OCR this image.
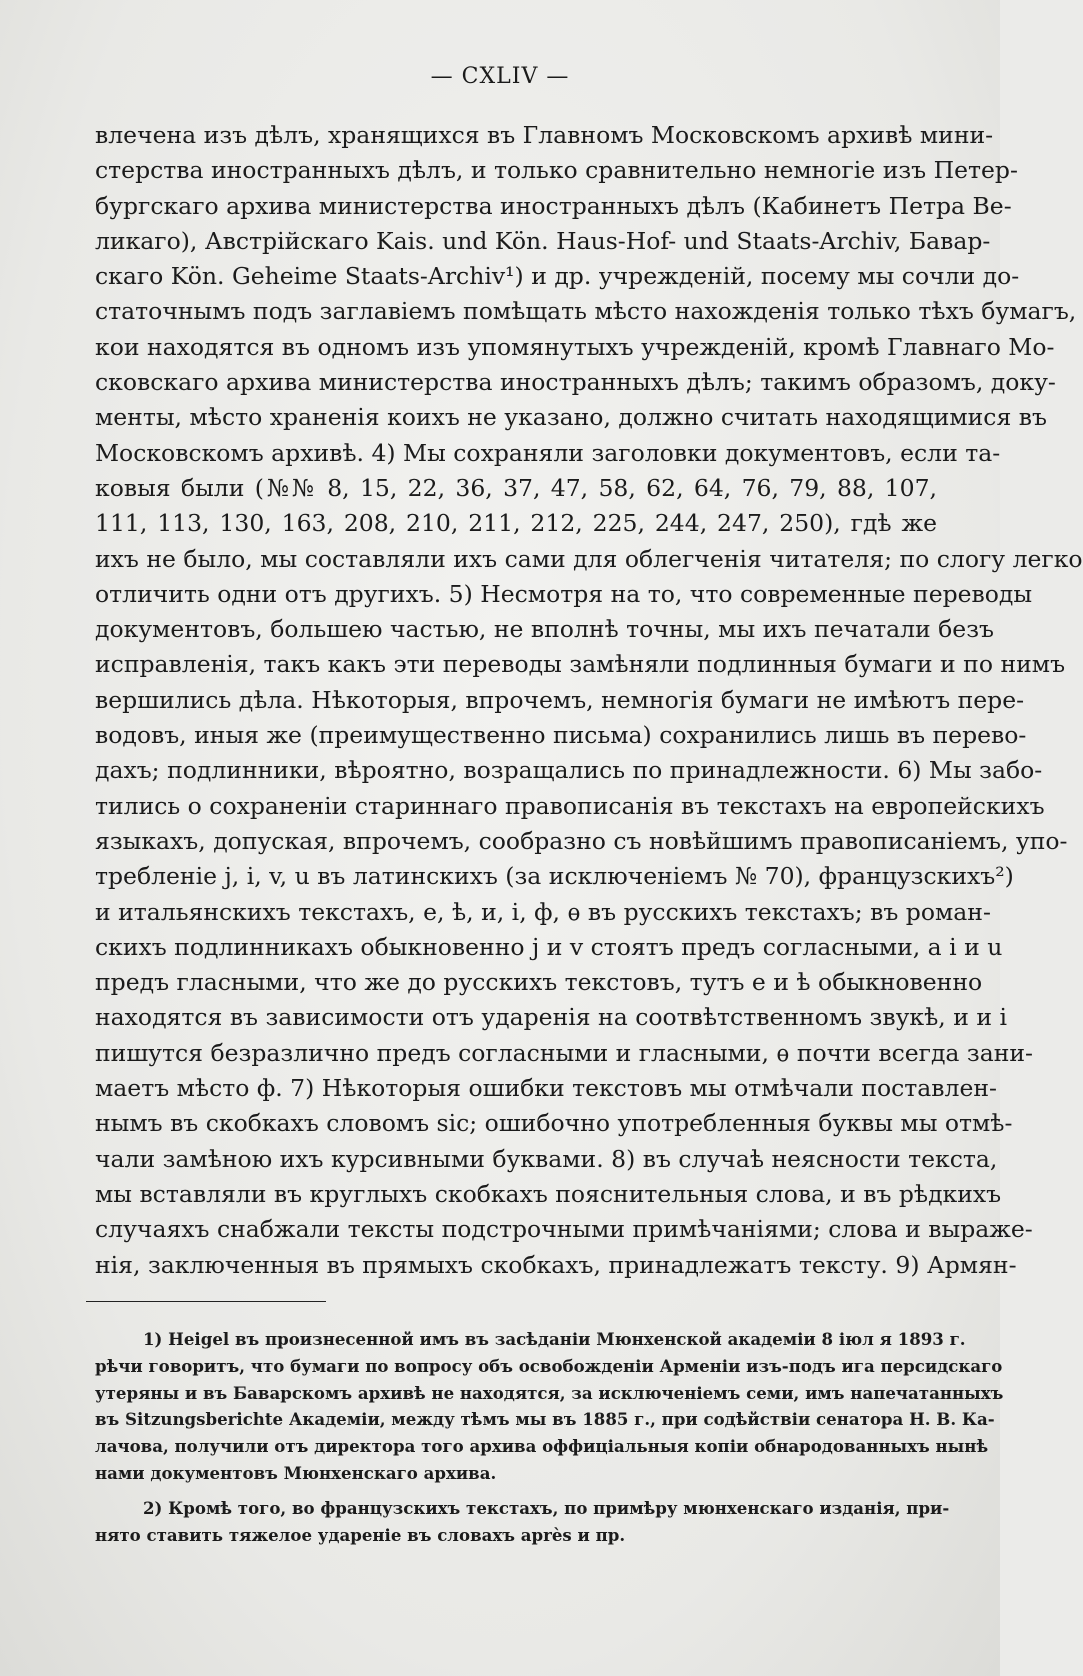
— CXLIV —
влечена изъ дѣлъ, хранящихся въ Главномъ Московскомъ архивѣ мини-
стерства иностранныхъ дѣлъ, и только сравнительно немногіе изъ Петер-
бургскаго архива министерства иностранныхъ дѣлъ (Кабинетъ Петра Ве-
ликаго), Австрійскаго Kais. und Kön. Haus-Hof- und Staats-Archiv, Бавар-
скаго Kön. Geheime Staats-Archiv¹) и др. учрежденій, посему мы сочли до-
статочнымъ подъ заглавіемъ помѣщать мѣсто нахожденія только тѣхъ бумагъ,
кои находятся въ одномъ изъ упомянутыхъ учрежденій, кромѣ Главнаго Мо-
сковскаго архива министерства иностранныхъ дѣлъ; такимъ образомъ, доку-
менты, мѣсто храненія коихъ не указано, должно считать находящимися въ
Московскомъ архивѣ. 4) Мы сохраняли заголовки документовъ, если та-
ковыя были (№№ 8, 15, 22, 36, 37, 47, 58, 62, 64, 76, 79, 88, 107,
111, 113, 130, 163, 208, 210, 211, 212, 225, 244, 247, 250), гдѣ же
ихъ не было, мы составляли ихъ сами для облегченія читателя; по слогу легко
отличить одни отъ другихъ. 5) Несмотря на то, что современные переводы
документовъ, большею частью, не вполнѣ точны, мы ихъ печатали безъ
исправленія, такъ какъ эти переводы замѣняли подлинныя бумаги и по нимъ
вершились дѣла. Нѣкоторыя, впрочемъ, немногія бумаги не имѣютъ пере-
водовъ, иныя же (преимущественно письма) сохранились лишь въ перево-
дахъ; подлинники, вѣроятно, возращались по принадлежности. 6) Мы забо-
тились о сохраненіи стариннаго правописанія въ текстахъ на европейскихъ
языкахъ, допуская, впрочемъ, сообразно съ новѣйшимъ правописаніемъ, упо-
требленіе j, i, v, u въ латинскихъ (за исключеніемъ № 70), французскихъ²)
и итальянскихъ текстахъ, е, ѣ, и, і, ф, ѳ въ русскихъ текстахъ; въ роман-
скихъ подлинникахъ обыкновенно j и v стоятъ предъ согласными, а i и u
предъ гласными, что же до русскихъ текстовъ, тутъ е и ѣ обыкновенно
находятся въ зависимости отъ ударенія на соотвѣтственномъ звукѣ, и и і
пишутся безразлично предъ согласными и гласными, ѳ почти всегда зани-
маетъ мѣсто ф. 7) Нѣкоторыя ошибки текстовъ мы отмѣчали поставлен-
нымъ въ скобкахъ словомъ sic; ошибочно употребленныя буквы мы отмѣ-
чали замѣною ихъ курсивными буквами. 8) въ случаѣ неясности текста,
мы вставляли въ круглыхъ скобкахъ пояснительныя слова, и въ рѣдкихъ
случаяхъ снабжали тексты подстрочными примѣчаніями; слова и выраже-
нія, заключенныя въ прямыхъ скобкахъ, принадлежатъ тексту. 9) Армян-
1) Heigel въ произнесенной имъ въ засѣданіи Мюнхенской академіи 8 іюл я 1893 г.
рѣчи говоритъ, что бумаги по вопросу объ освобожденіи Арменіи изъ-подъ ига персидскаго
утеряны и въ Баварскомъ архивѣ не находятся, за исключеніемъ семи, имъ напечатанныхъ
въ Sitzungsberichte Академіи, между тѣмъ мы въ 1885 г., при содѣйствіи сенатора Н. В. Ка-
лачова, получили отъ директора того архива оффиціальныя копіи обнародованныхъ нынѣ
нами документовъ Мюнхенскаго архива.
2) Кромѣ того, во французскихъ текстахъ, по примѣру мюнхенскаго изданія, при-
нято ставить тяжелое удареніе въ словахъ après и пр.
